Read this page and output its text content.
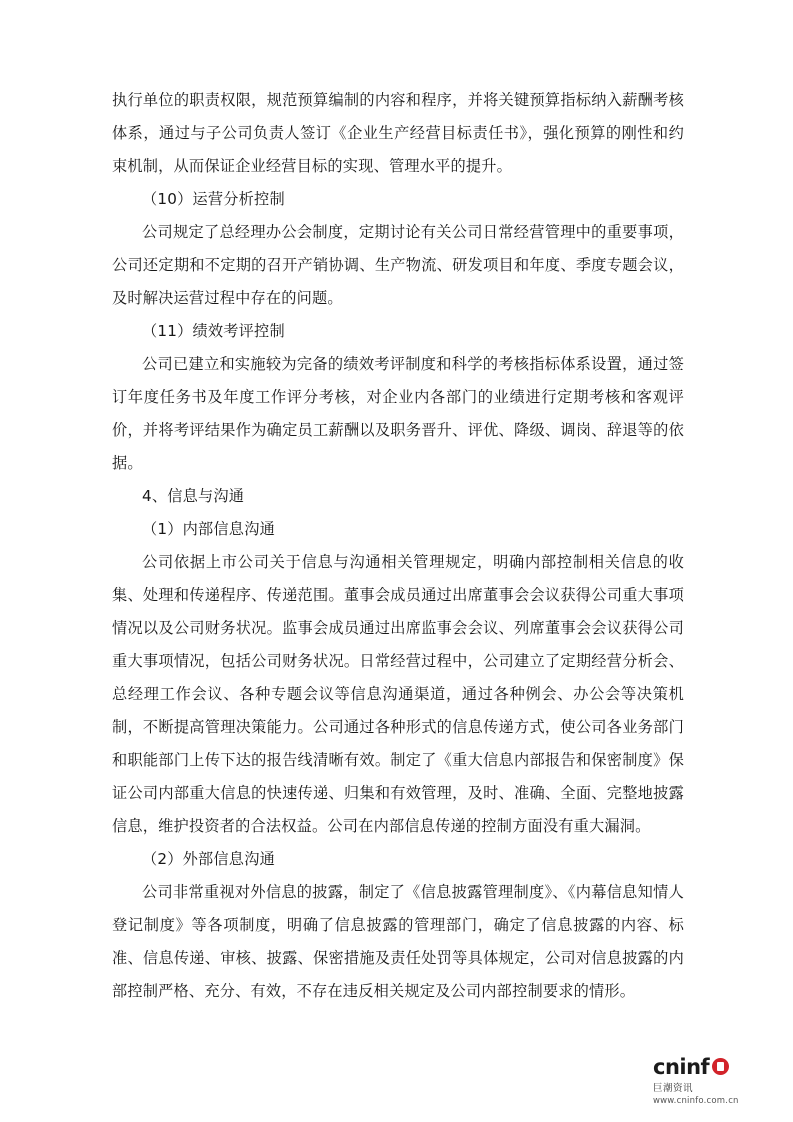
执行单位的职责权限，规范预算编制的内容和程序，并将关键预算指标纳入薪酬考核体系，通过与子公司负责人签订《企业生产经营目标责任书》，强化预算的刚性和约束机制，从而保证企业经营目标的实现、管理水平的提升。

（10）运营分析控制

公司规定了总经理办公会制度，定期讨论有关公司日常经营管理中的重要事项，公司还定期和不定期的召开产销协调、生产物流、研发项目和年度、季度专题会议，及时解决运营过程中存在的问题。

（11）绩效考评控制

公司已建立和实施较为完备的绩效考评制度和科学的考核指标体系设置，通过签订年度任务书及年度工作评分考核，对企业内各部门的业绩进行定期考核和客观评价，并将考评结果作为确定员工薪酬以及职务晋升、评优、降级、调岗、辞退等的依据。

4、信息与沟通

（1）内部信息沟通

公司依据上市公司关于信息与沟通相关管理规定，明确内部控制相关信息的收集、处理和传递程序、传递范围。董事会成员通过出席董事会会议获得公司重大事项情况以及公司财务状况。监事会成员通过出席监事会会议、列席董事会会议获得公司重大事项情况，包括公司财务状况。日常经营过程中，公司建立了定期经营分析会、总经理工作会议、各种专题会议等信息沟通渠道，通过各种例会、办公会等决策机制，不断提高管理决策能力。公司通过各种形式的信息传递方式，使公司各业务部门和职能部门上传下达的报告线清晰有效。制定了《重大信息内部报告和保密制度》保证公司内部重大信息的快速传递、归集和有效管理，及时、准确、全面、完整地披露信息，维护投资者的合法权益。公司在内部信息传递的控制方面没有重大漏洞。

（2）外部信息沟通

公司非常重视对外信息的披露，制定了《信息披露管理制度》、《内幕信息知情人登记制度》等各项制度，明确了信息披露的管理部门，确定了信息披露的内容、标准、信息传递、审核、披露、保密措施及责任处罚等具体规定，公司对信息披露的内部控制严格、充分、有效，不存在违反相关规定及公司内部控制要求的情形。

cninf
巨潮资讯
www.cninfo.com.cn
